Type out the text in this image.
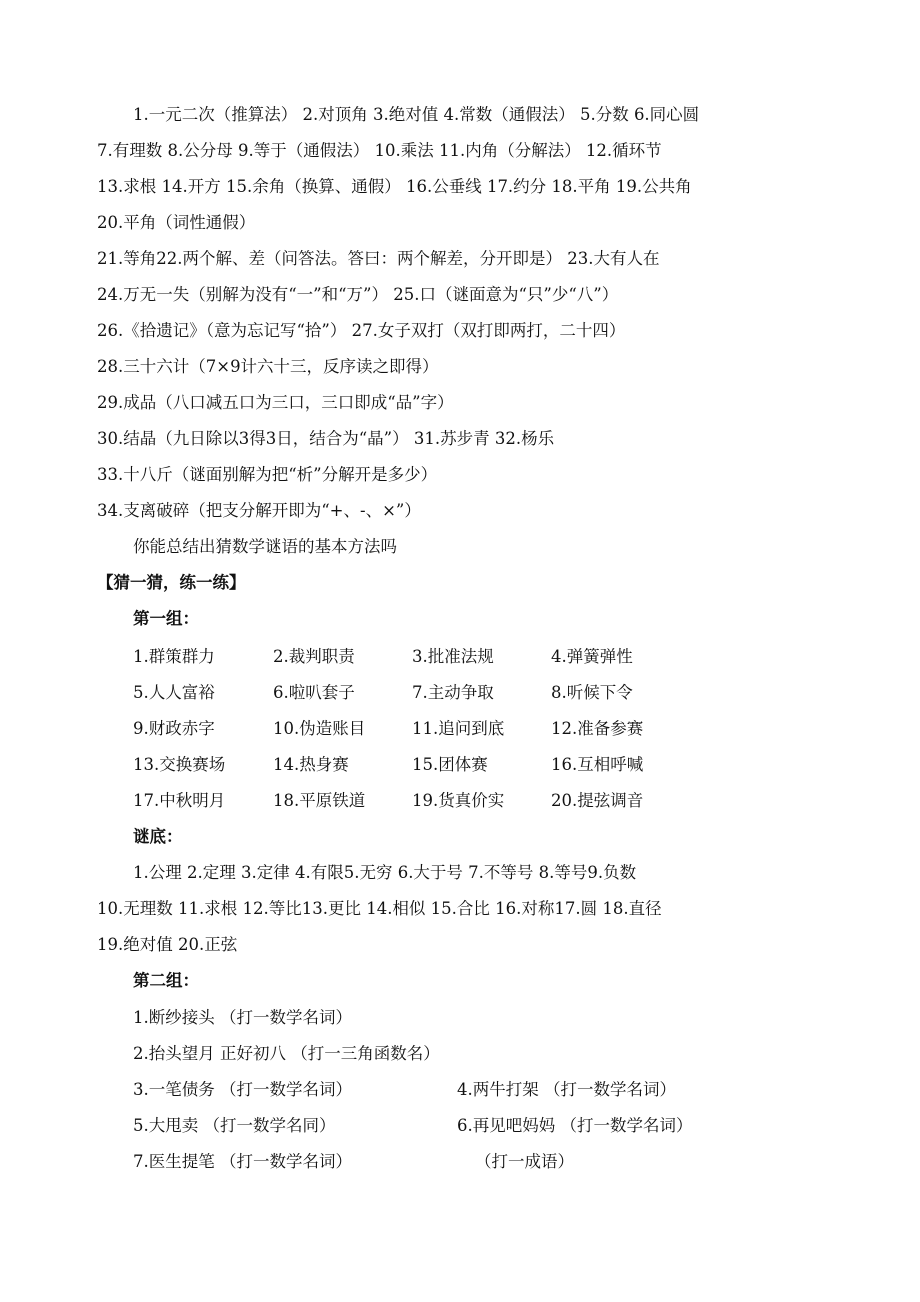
1.一元二次（推算法） 2.对顶角 3.绝对值 4.常数（通假法） 5.分数 6.同心圆
7.有理数 8.公分母 9.等于（通假法） 10.乘法 11.内角（分解法） 12.循环节
13.求根 14.开方 15.余角（换算、通假） 16.公垂线 17.约分 18.平角 19.公共角
20.平角（词性通假）
21.等角22.两个解、差（问答法。答曰：两个解差，分开即是） 23.大有人在
24.万无一失（别解为没有“一”和“万”） 25.口（谜面意为“只”少“八”）
26.《拾遗记》（意为忘记写“拾”） 27.女子双打（双打即两打，二十四）
28.三十六计（7×9计六十三，反序读之即得）
29.成品（八口减五口为三口，三口即成“品”字）
30.结晶（九日除以3得3日，结合为“晶”） 31.苏步青 32.杨乐
33.十八斤（谜面别解为把“析”分解开是多少）
34.支离破碎（把支分解开即为“+、-、×”）
你能总结出猜数学谜语的基本方法吗
【猜一猜，练一练】
第一组：
1.群策群力	2.裁判职责	3.批准法规	4.弹簧弹性
5.人人富裕	6.啦叭套子	7.主动争取	8.听候下令
9.财政赤字	10.伪造账目	11.追问到底	12.准备参赛
13.交换赛场	14.热身赛	15.团体赛	16.互相呼喊
17.中秋明月	18.平原铁道	19.货真价实	20.提弦调音
谜底：
1.公理 2.定理 3.定律 4.有限5.无穷 6.大于号 7.不等号 8.等号9.负数
10.无理数 11.求根 12.等比13.更比 14.相似 15.合比 16.对称17.圆 18.直径
19.绝对值 20.正弦
第二组：
1.断纱接头 （打一数学名词）
2.抬头望月 正好初八 （打一三角函数名）
3.一笔债务 （打一数学名词）	4.两牛打架 （打一数学名词）
5.大甩卖 （打一数学名同）	6.再见吧妈妈 （打一数学名词）
7.医生提笔 （打一数学名词）	（打一成语）
